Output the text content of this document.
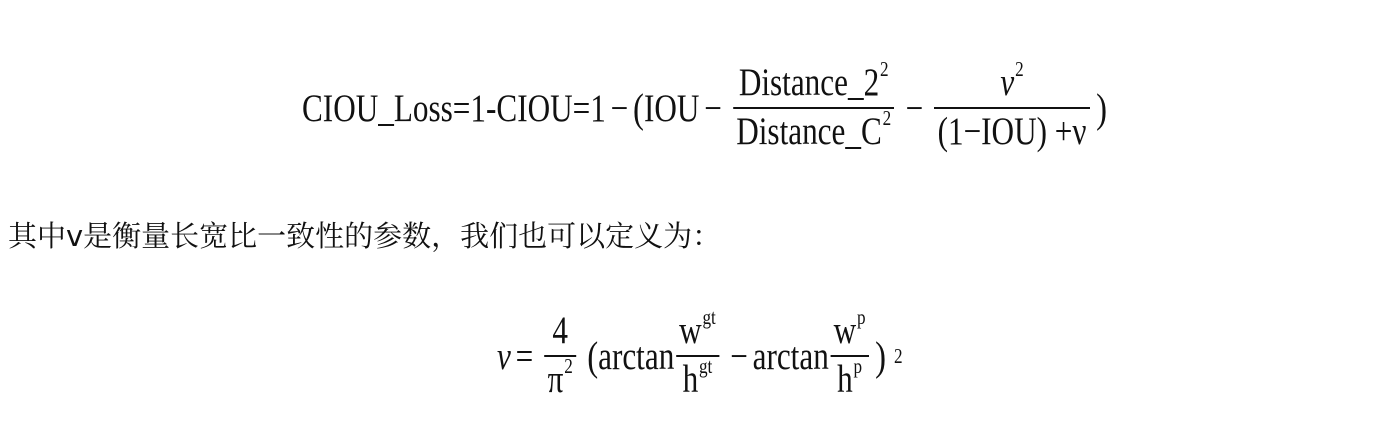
CIOU_Loss=1-CIOU=1 − ( IOU − $\frac{Distance\_2^2}{Distance\_C^2} - \frac{\nu^2}{\text{(1−IOU) +ν}}$ )
其中v是衡量长宽比一致性的参数，我们也可以定义为：
$\nu = \frac{4}{\pi^2}$ ( $\arctan \frac{w^{gt}}{h^{gt}} - \arctan \frac{w^p}{h^p}$ ) 2
